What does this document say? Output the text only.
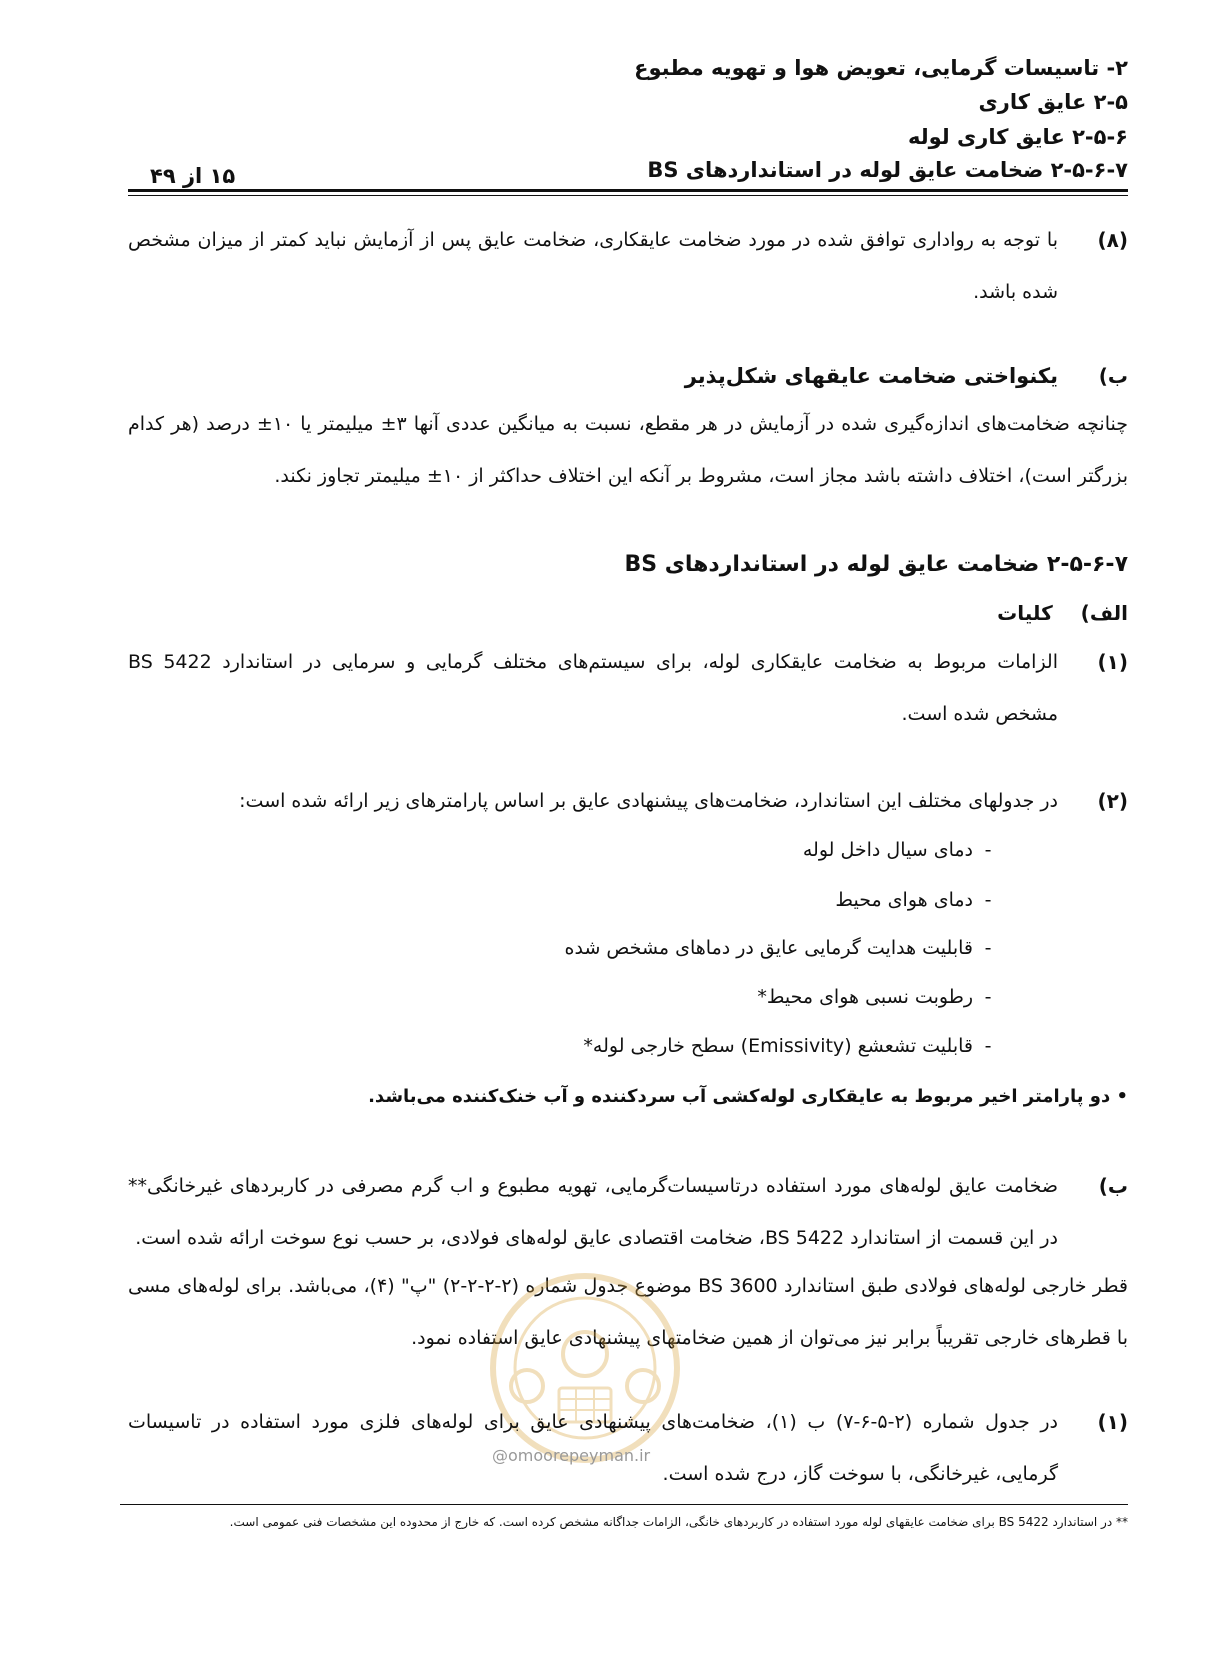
۲- تاسیسات گرمایی، تعویض هوا و تهویه مطبوع
۲-۵ عایق کاری
۲-۵-۶ عایق کاری لوله
۲-۵-۶-۷ ضخامت عایق لوله در استانداردهای BS
۱۵ از ۴۹
(۸)
با توجه به رواداری توافق شده در مورد ضخامت عایقکاری، ضخامت عایق پس از آزمایش نباید کمتر از میزان مشخص شده باشد.
ب)
یکنواختی ضخامت عایقهای شکل‌پذیر
چنانچه ضخامت‌های اندازه‌گیری شده در آزمایش در هر مقطع، نسبت به میانگین عددی آنها ۳± میلیمتر یا ۱۰± درصد (هر کدام بزرگتر است)، اختلاف داشته باشد مجاز است، مشروط بر آنکه این اختلاف حداکثر از ۱۰± میلیمتر تجاوز نکند.
۲-۵-۶-۷ ضخامت عایق لوله در استانداردهای BS
الف)  کلیات
(۱)
الزامات مربوط به ضخامت عایقکاری لوله، برای سیستم‌های مختلف گرمایی و سرمایی در استاندارد BS 5422 مشخص شده است.
(۲)
در جدولهای مختلف این استاندارد، ضخامت‌های پیشنهادی عایق بر اساس پارامترهای زیر ارائه شده است:
-دمای سیال داخل لوله
-دمای هوای محیط
-قابلیت هدایت گرمایی عایق در دماهای مشخص شده
-رطوبت نسبی هوای محیط*
-قابلیت تشعشع (Emissivity) سطح خارجی لوله*
• دو پارامتر اخیر مربوط به عایقکاری لوله‌کشی آب سردکننده و آب خنک‌کننده می‌باشد.
ب)
ضخامت عایق لوله‌های مورد استفاده درتاسیسات‌گرمایی، تهویه مطبوع و اب گرم مصرفی در کاربردهای غیرخانگی** در این قسمت از استاندارد BS 5422، ضخامت اقتصادی عایق لوله‌های فولادی، بر حسب نوع سوخت ارائه شده است.
قطر خارجی لوله‌های فولادی طبق استاندارد BS 3600 موضوع جدول شماره (۲-۲-۲-۲) "پ" (۴)، می‌باشد. برای لوله‌های مسی با قطرهای خارجی تقریباً برابر نیز می‌توان از همین ضخامتهای پیشنهادی عایق استفاده نمود.
@omoorepeyman.ir
(۱)
در جدول شماره (۲-۵-۶-۷) ب (۱)، ضخامت‌های پیشنهادی عایق برای لوله‌های فلزی مورد استفاده در تاسیسات گرمایی، غیرخانگی، با سوخت گاز، درج شده است.
** در استاندارد BS 5422 برای ضخامت عایقهای لوله مورد استفاده در کاربردهای خانگی، الزامات جداگانه مشخص کرده است. که خارج از محدوده این مشخصات فنی عمومی است.
